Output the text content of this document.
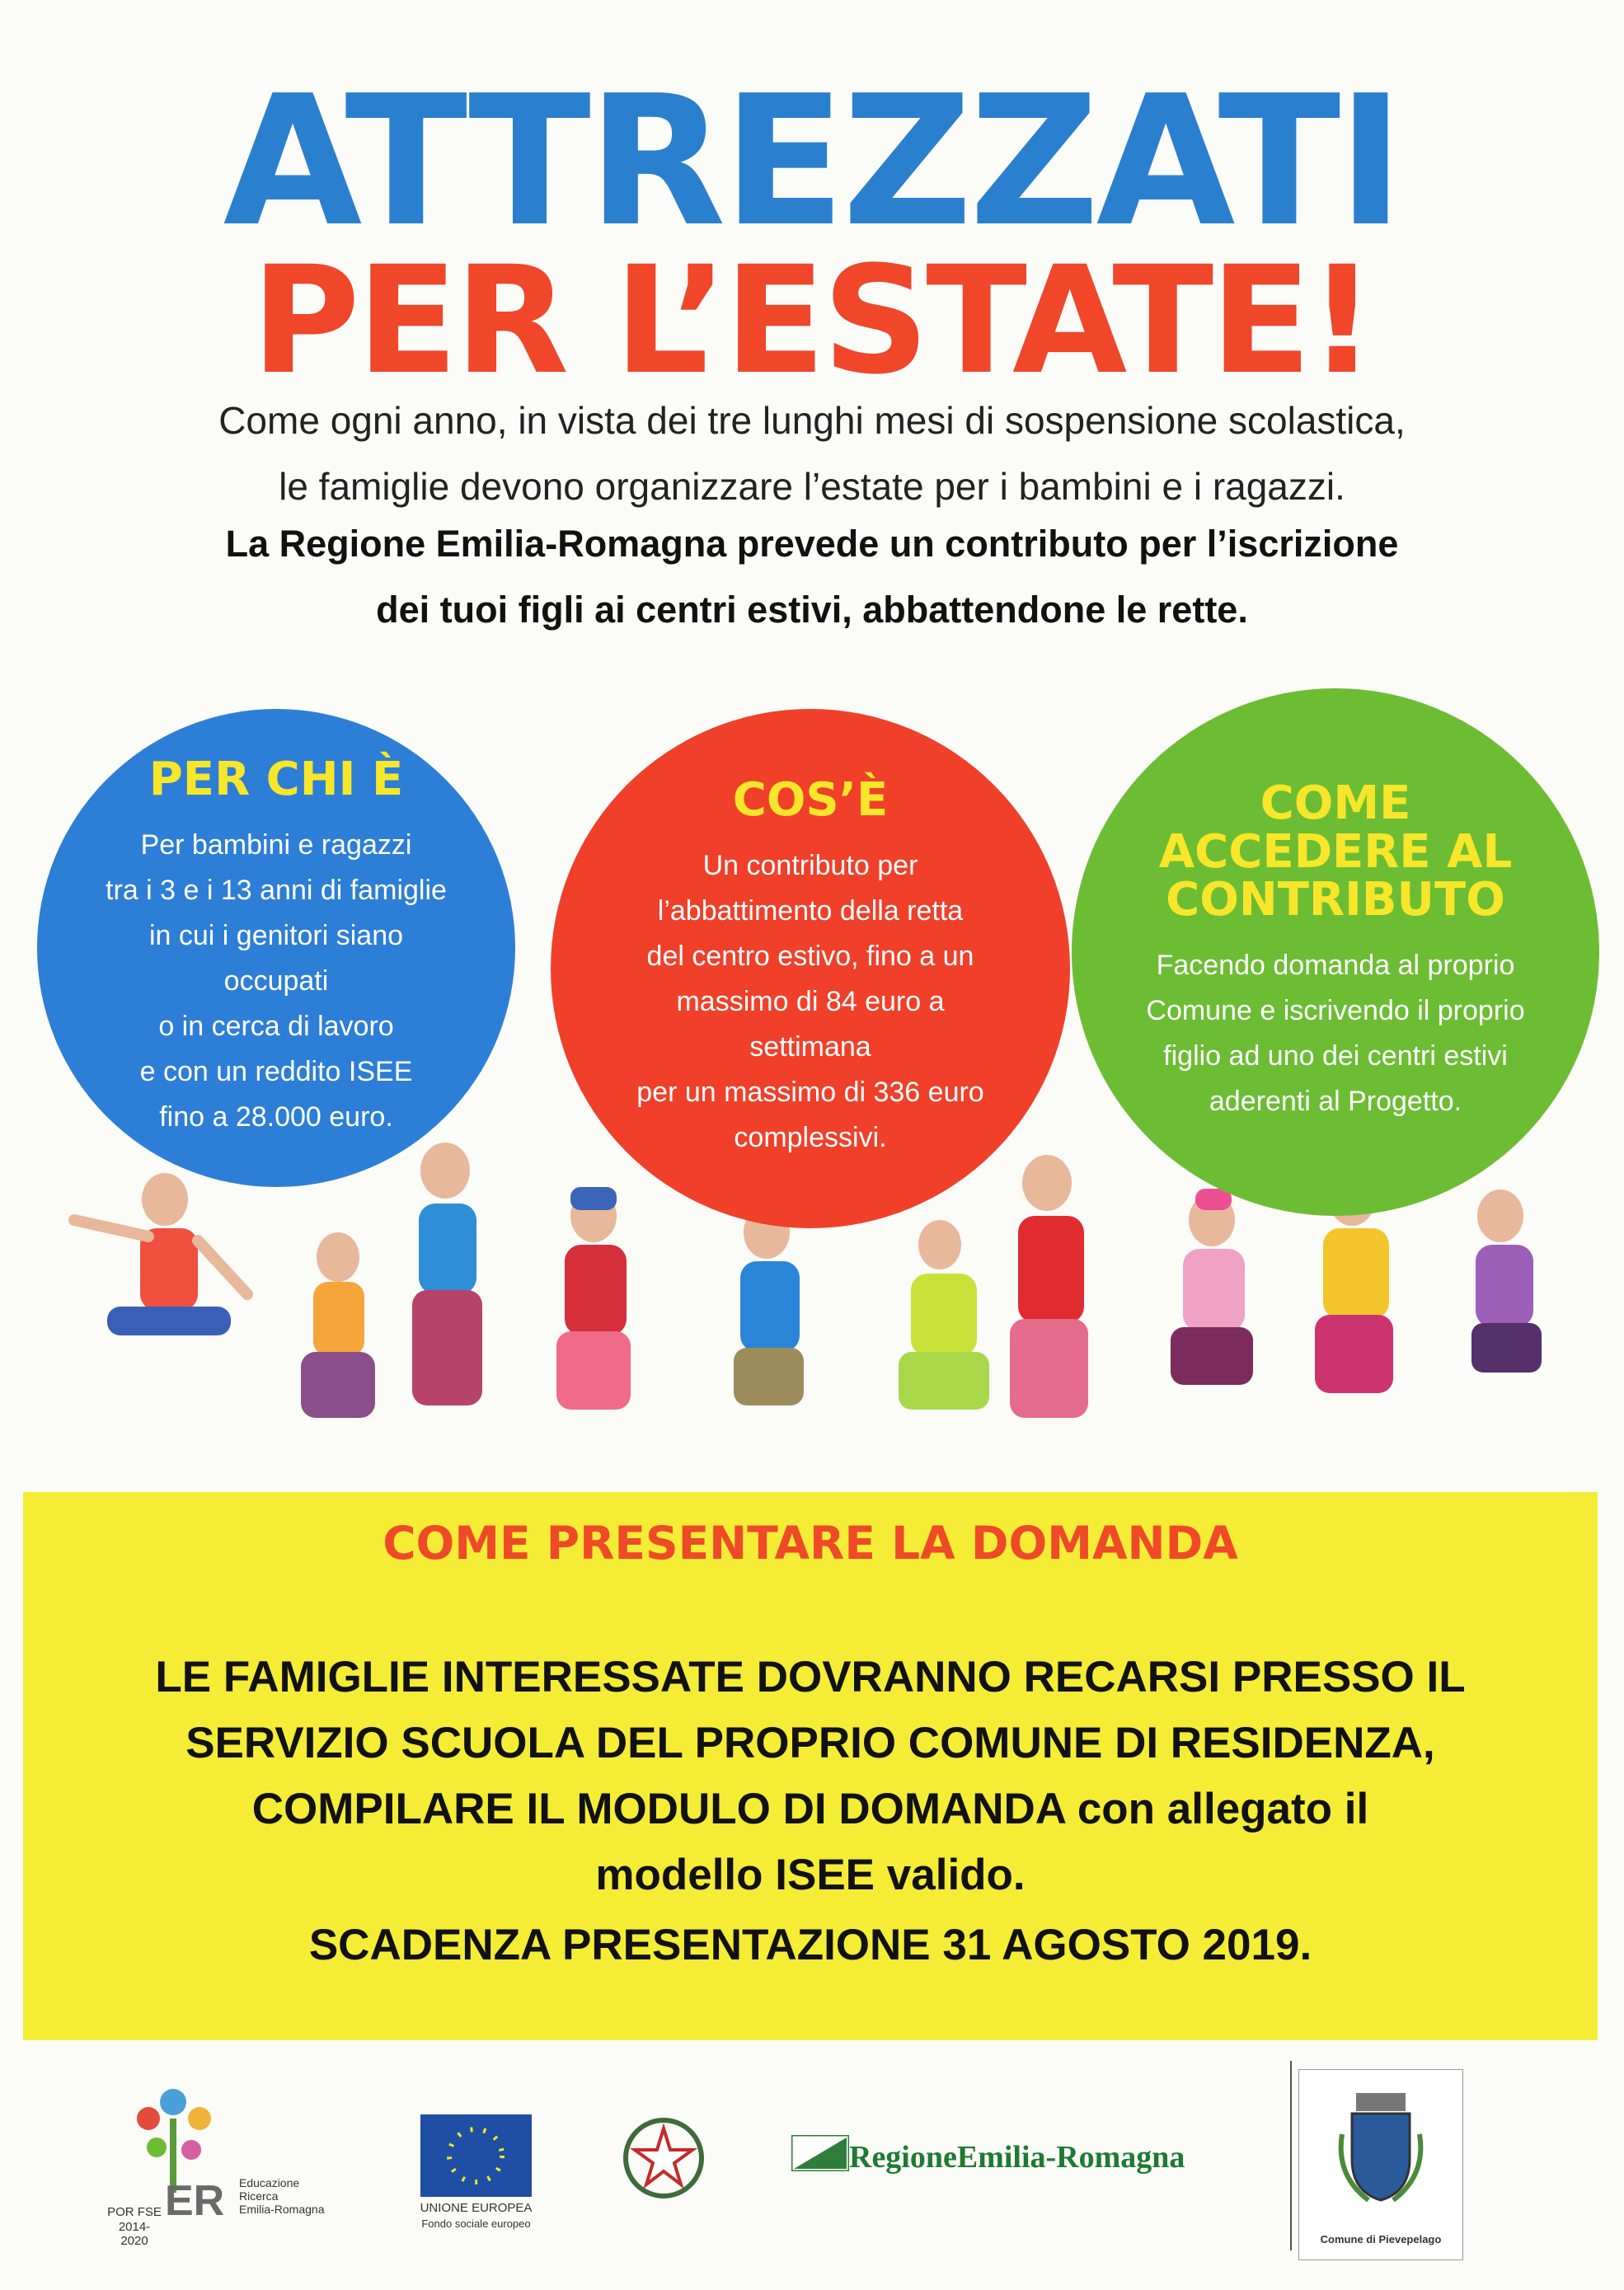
ATTREZZATI
PER L’ESTATE!
Come ogni anno, in vista dei tre lunghi mesi di sospensione scolastica,
le famiglie devono organizzare l’estate per i bambini e i ragazzi.
La Regione Emilia-Romagna prevede un contributo per l’iscrizione
dei tuoi figli ai centri estivi, abbattendone le rette.
PER CHI È
Per bambini e ragazzi
tra i 3 e i 13 anni di famiglie
in cui i genitori siano occupati
o in cerca di lavoro
e con un reddito ISEE
fino a 28.000 euro.
COS’È
Un contributo per
l’abbattimento della retta
del centro estivo, fino a un
massimo di 84 euro a settimana
per un massimo di 336 euro
complessivi.
COME
ACCEDERE AL
CONTRIBUTO
Facendo domanda al proprio
Comune e iscrivendo il proprio
figlio ad uno dei centri estivi
aderenti al Progetto.
COME PRESENTARE LA DOMANDA
LE FAMIGLIE INTERESSATE DOVRANNO RECARSI PRESSO IL
SERVIZIO SCUOLA DEL PROPRIO COMUNE DI RESIDENZA,
COMPILARE IL MODULO DI DOMANDA con allegato il
modello ISEE valido.
SCADENZA PRESENTAZIONE 31 AGOSTO 2019.
POR FSE
2014-2020
ER Educazione
Ricerca
Emilia-Romagna	UNIONE EUROPEA
Fondo sociale europeo
RegioneEmilia-Romagna
Comune di Pievepelago
